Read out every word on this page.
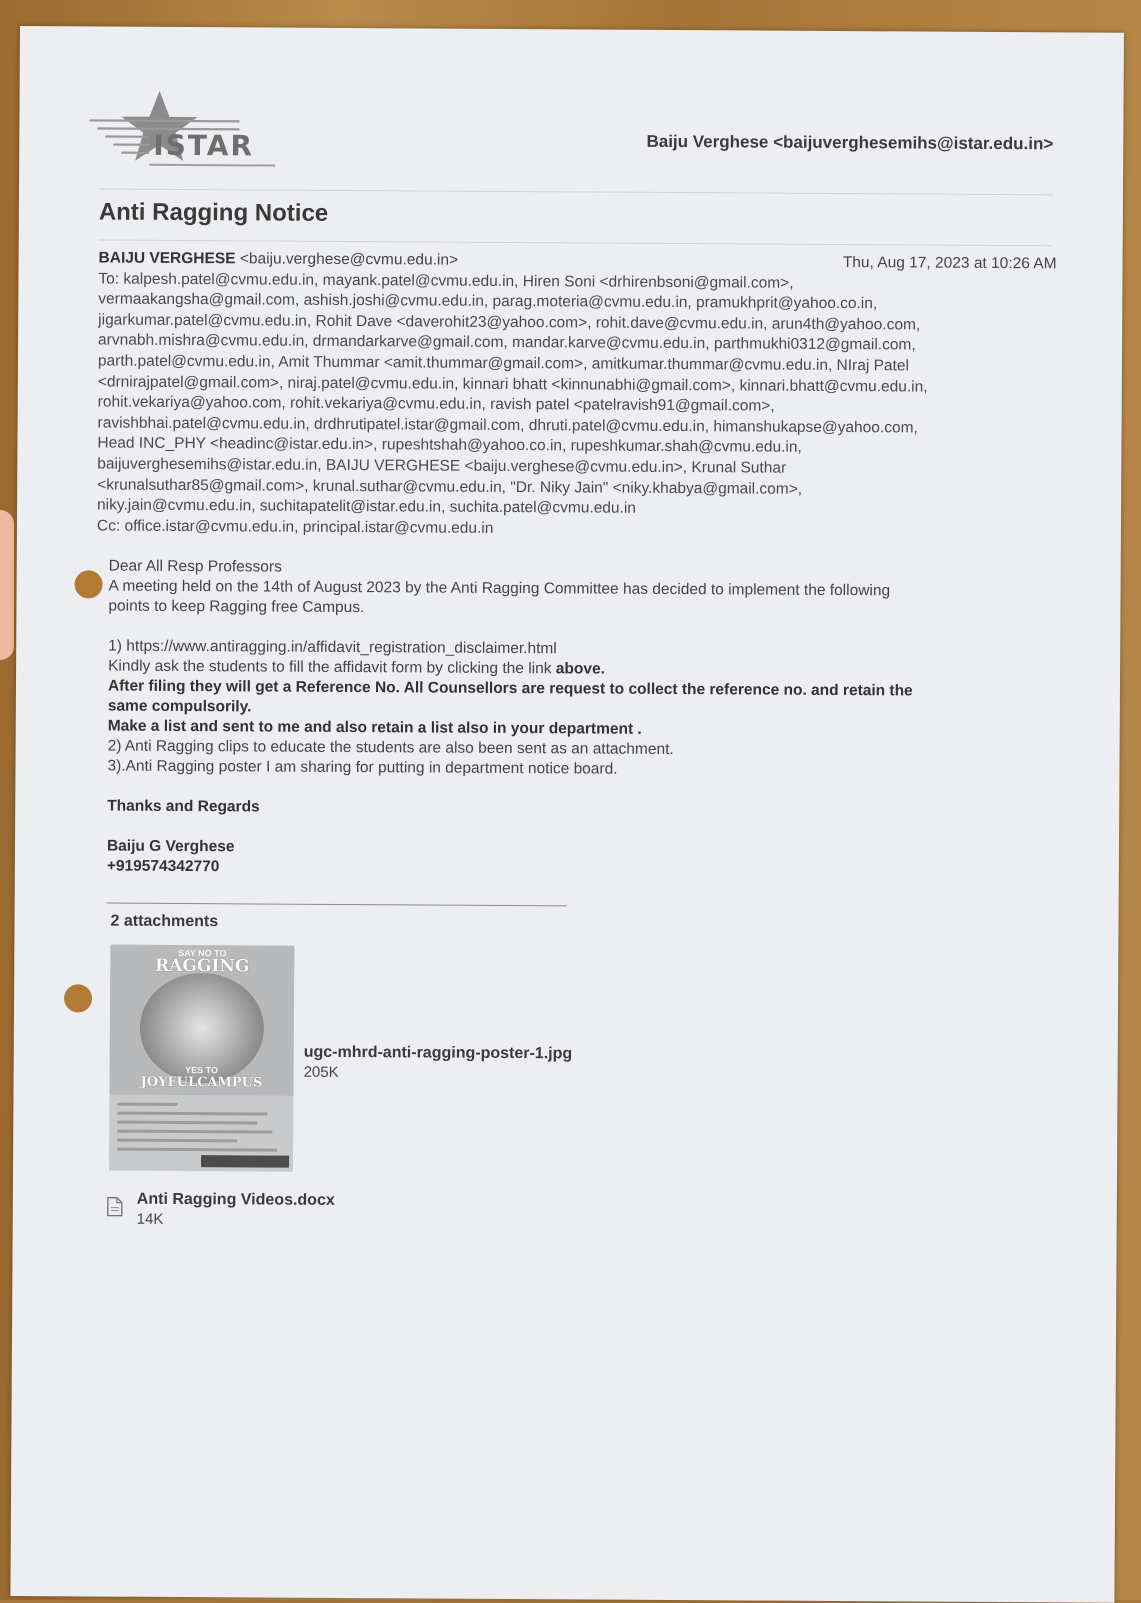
ISTAR	Baiju Verghese <baijuverghesemihs@istar.edu.in>
Anti Ragging Notice
BAIJU VERGHESE <baiju.verghese@cvmu.edu.in>	Thu, Aug 17, 2023 at 10:26 AM
To: kalpesh.patel@cvmu.edu.in, mayank.patel@cvmu.edu.in, Hiren Soni <drhirenbsoni@gmail.com>,
vermaakangsha@gmail.com, ashish.joshi@cvmu.edu.in, parag.moteria@cvmu.edu.in, pramukhprit@yahoo.co.in,
jigarkumar.patel@cvmu.edu.in, Rohit Dave <daverohit23@yahoo.com>, rohit.dave@cvmu.edu.in, arun4th@yahoo.com,
arvnabh.mishra@cvmu.edu.in, drmandarkarve@gmail.com, mandar.karve@cvmu.edu.in, parthmukhi0312@gmail.com,
parth.patel@cvmu.edu.in, Amit Thummar <amit.thummar@gmail.com>, amitkumar.thummar@cvmu.edu.in, NIraj Patel
<drnirajpatel@gmail.com>, niraj.patel@cvmu.edu.in, kinnari bhatt <kinnunabhi@gmail.com>, kinnari.bhatt@cvmu.edu.in,
rohit.vekariya@yahoo.com, rohit.vekariya@cvmu.edu.in, ravish patel <patelravish91@gmail.com>,
ravishbhai.patel@cvmu.edu.in, drdhrutipatel.istar@gmail.com, dhruti.patel@cvmu.edu.in, himanshukapse@yahoo.com,
Head INC_PHY <headinc@istar.edu.in>, rupeshtshah@yahoo.co.in, rupeshkumar.shah@cvmu.edu.in,
baijuverghesemihs@istar.edu.in, BAIJU VERGHESE <baiju.verghese@cvmu.edu.in>, Krunal Suthar
<krunalsuthar85@gmail.com>, krunal.suthar@cvmu.edu.in, "Dr. Niky Jain" <niky.khabya@gmail.com>,
niky.jain@cvmu.edu.in, suchitapatelit@istar.edu.in, suchita.patel@cvmu.edu.in
Cc: office.istar@cvmu.edu.in, principal.istar@cvmu.edu.in

Dear All Resp Professors

A meeting held on the 14th of August 2023 by the Anti Ragging Committee has decided to implement the following

points to keep Ragging free Campus.

1) https://www.antiragging.in/affidavit_registration_disclaimer.html

Kindly ask the students to fill the affidavit form by clicking the link above.

After filing they will get a Reference No. All Counsellors are request to collect the reference no. and retain the

same compulsorily.

Make a list and sent to me and also retain a list also in your department .

2) Anti Ragging clips to educate the students are also been sent as an attachment.

3).Anti Ragging poster I am sharing for putting in department notice board.

Thanks and Regards

Baiju G Verghese

+919574342770

2 attachments
SAY NO TO
RAGGING
YES TO
JOYFULCAMPUS
ugc-mhrd-anti-ragging-poster-1.jpg
205K
Anti Ragging Videos.docx
14K
